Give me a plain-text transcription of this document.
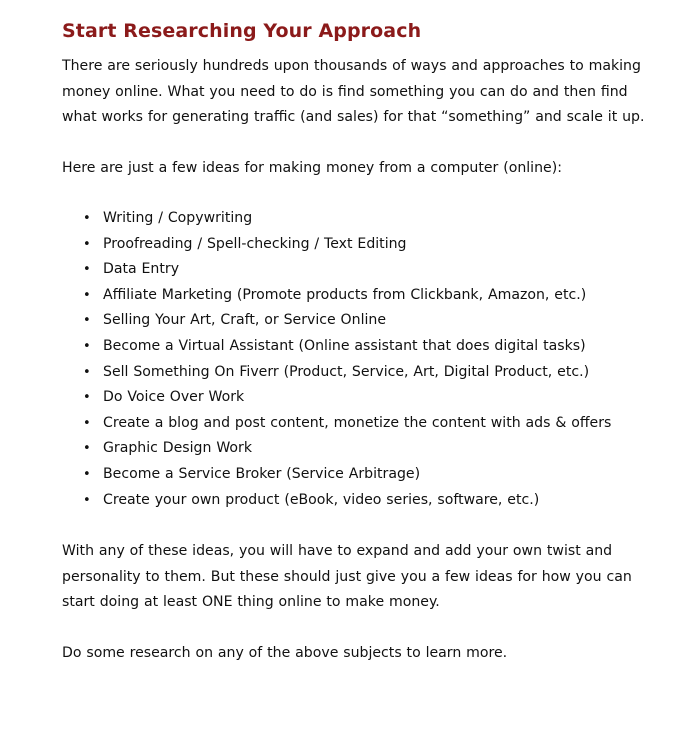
Start Researching Your Approach

There are seriously hundreds upon thousands of ways and approaches to making
money online. What you need to do is find something you can do and then find
what works for generating traffic (and sales) for that “something” and scale it up.

Here are just a few ideas for making money from a computer (online):

• Writing / Copywriting
• Proofreading / Spell-checking / Text Editing
• Data Entry
• Affiliate Marketing (Promote products from Clickbank, Amazon, etc.)
• Selling Your Art, Craft, or Service Online
• Become a Virtual Assistant (Online assistant that does digital tasks)
• Sell Something On Fiverr (Product, Service, Art, Digital Product, etc.)
• Do Voice Over Work
• Create a blog and post content, monetize the content with ads & offers
• Graphic Design Work
• Become a Service Broker (Service Arbitrage)
• Create your own product (eBook, video series, software, etc.)

With any of these ideas, you will have to expand and add your own twist and
personality to them. But these should just give you a few ideas for how you can
start doing at least ONE thing online to make money.

Do some research on any of the above subjects to learn more.
